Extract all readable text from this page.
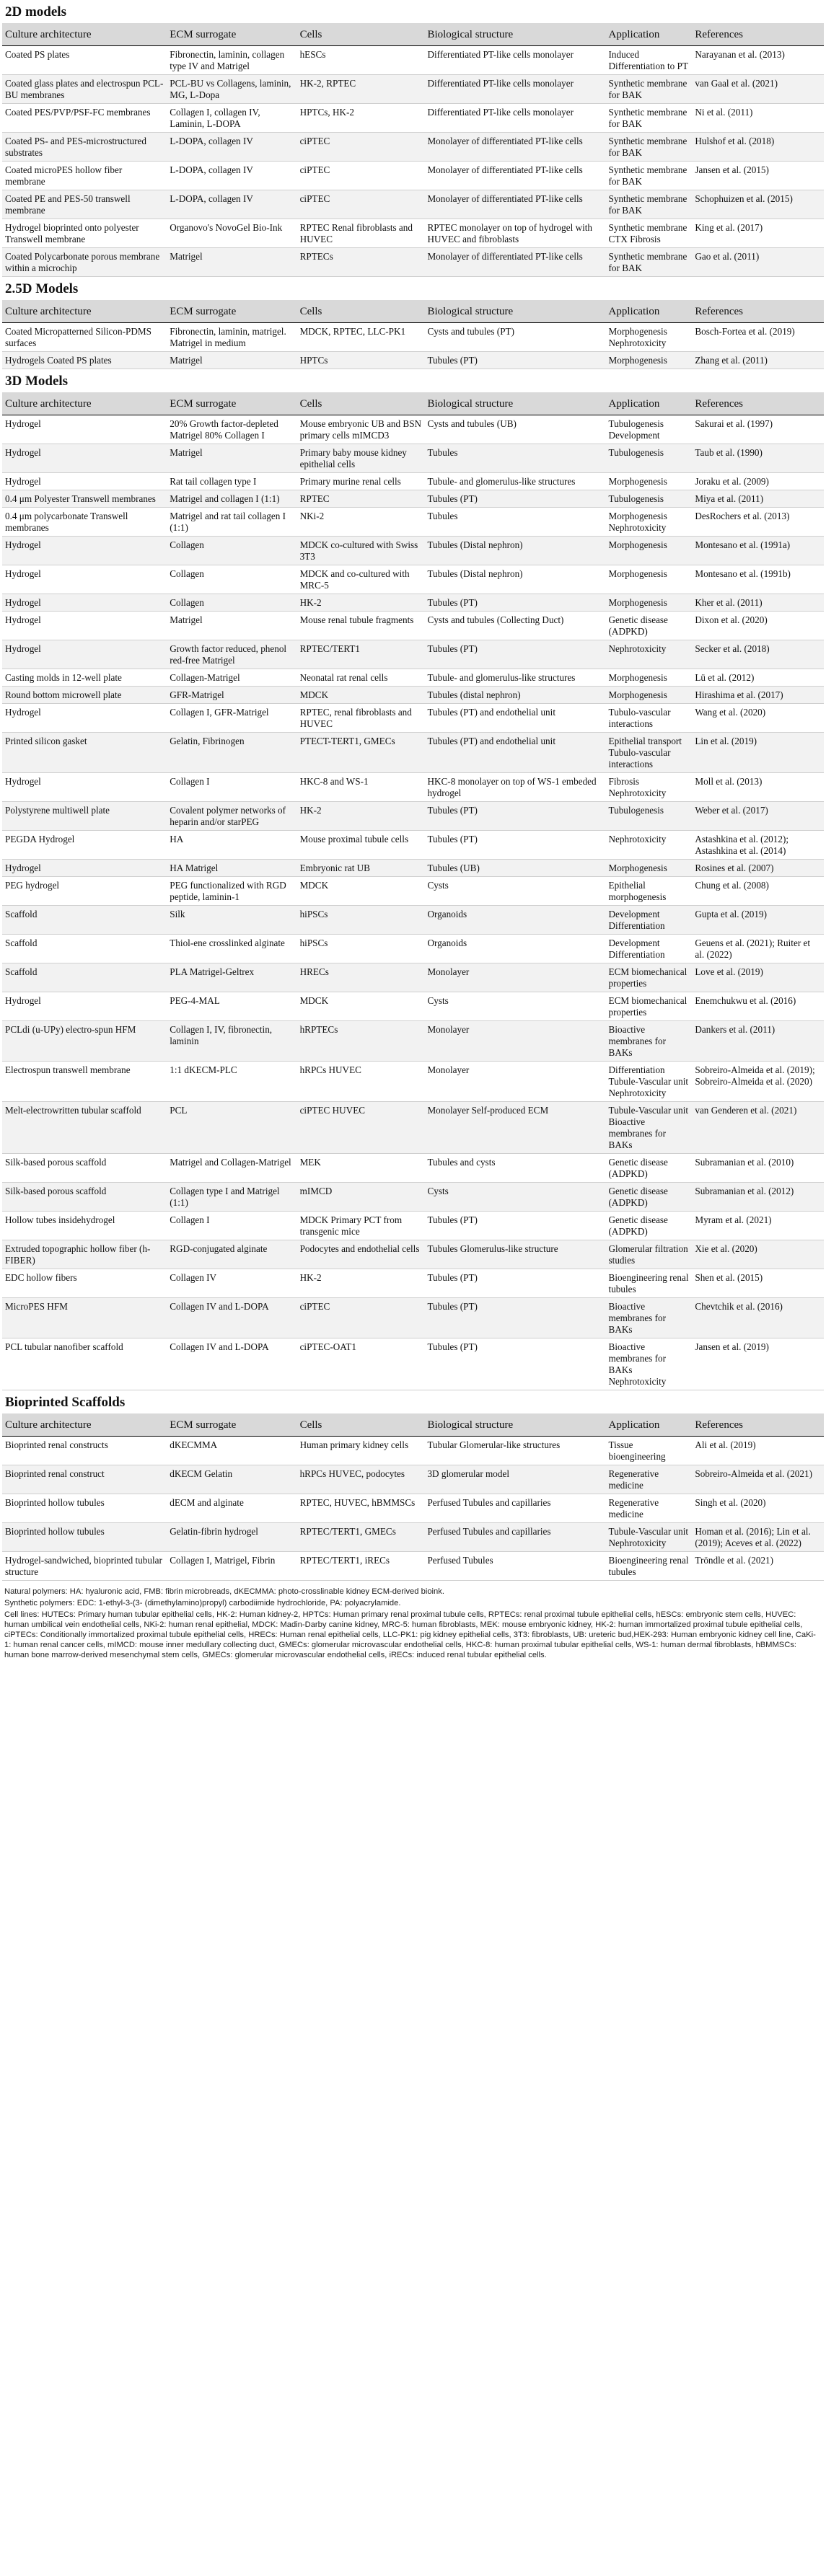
2D models
Culture architecture	ECM surrogate	Cells	Biological structure	Application	References
Coated PS plates	Fibronectin, laminin, collagen type IV and Matrigel	hESCs	Differentiated PT-like cells monolayer	Induced Differentiation to PT	Narayanan et al. (2013)
Coated glass plates and electrospun PCL-BU membranes	PCL-BU vs Collagens, laminin, MG, L-Dopa	HK-2, RPTEC	Differentiated PT-like cells monolayer	Synthetic membrane for BAK	van Gaal et al. (2021)
Coated PES/PVP/PSF-FC membranes	Collagen I, collagen IV, Laminin, L-DOPA	HPTCs, HK-2	Differentiated PT-like cells monolayer	Synthetic membrane for BAK	Ni et al. (2011)
Coated PS- and PES-microstructured substrates	L-DOPA, collagen IV	ciPTEC	Monolayer of differentiated PT-like cells	Synthetic membrane for BAK	Hulshof et al. (2018)
Coated microPES hollow fiber membrane	L-DOPA, collagen IV	ciPTEC	Monolayer of differentiated PT-like cells	Synthetic membrane for BAK	Jansen et al. (2015)
Coated PE and PES-50 transwell membrane	L-DOPA, collagen IV	ciPTEC	Monolayer of differentiated PT-like cells	Synthetic membrane for BAK	Schophuizen et al. (2015)
Hydrogel bioprinted onto polyester Transwell membrane	Organovo's NovoGel Bio-Ink	RPTEC Renal fibroblasts and HUVEC	RPTEC monolayer on top of hydrogel with HUVEC and fibroblasts	Synthetic membrane CTX Fibrosis	King et al. (2017)
Coated Polycarbonate porous membrane within a microchip	Matrigel	RPTECs	Monolayer of differentiated PT-like cells	Synthetic membrane for BAK	Gao et al. (2011)
2.5D Models
Culture architecture	ECM surrogate	Cells	Biological structure	Application	References
Coated Micropatterned Silicon-PDMS surfaces	Fibronectin, laminin, matrigel. Matrigel in medium	MDCK, RPTEC, LLC-PK1	Cysts and tubules (PT)	Morphogenesis Nephrotoxicity	Bosch-Fortea et al. (2019)
Hydrogels Coated PS plates	Matrigel	HPTCs	Tubules (PT)	Morphogenesis	Zhang et al. (2011)
3D Models
Culture architecture	ECM surrogate	Cells	Biological structure	Application	References
Hydrogel	20% Growth factor-depleted Matrigel 80% Collagen I	Mouse embryonic UB and BSN primary cells mIMCD3	Cysts and tubules (UB)	Tubulogenesis Development	Sakurai et al. (1997)
Hydrogel	Matrigel	Primary baby mouse kidney epithelial cells	Tubules	Tubulogenesis	Taub et al. (1990)
Hydrogel	Rat tail collagen type I	Primary murine renal cells	Tubule- and glomerulus-like structures	Morphogenesis	Joraku et al. (2009)
0.4 μm Polyester Transwell membranes	Matrigel and collagen I (1:1)	RPTEC	Tubules (PT)	Tubulogenesis	Miya et al. (2011)
0.4 μm polycarbonate Transwell membranes	Matrigel and rat tail collagen I (1:1)	NKi-2	Tubules	Morphogenesis Nephrotoxicity	DesRochers et al. (2013)
Hydrogel	Collagen	MDCK co-cultured with Swiss 3T3	Tubules (Distal nephron)	Morphogenesis	Montesano et al. (1991a)
Hydrogel	Collagen	MDCK and co-cultured with MRC-5	Tubules (Distal nephron)	Morphogenesis	Montesano et al. (1991b)
Hydrogel	Collagen	HK-2	Tubules (PT)	Morphogenesis	Kher et al. (2011)
Hydrogel	Matrigel	Mouse renal tubule fragments	Cysts and tubules (Collecting Duct)	Genetic disease (ADPKD)	Dixon et al. (2020)
Hydrogel	Growth factor reduced, phenol red-free Matrigel	RPTEC/TERT1	Tubules (PT)	Nephrotoxicity	Secker et al. (2018)
Casting molds in 12-well plate	Collagen-Matrigel	Neonatal rat renal cells	Tubule- and glomerulus-like structures	Morphogenesis	Lü et al. (2012)
Round bottom microwell plate	GFR-Matrigel	MDCK	Tubules (distal nephron)	Morphogenesis	Hirashima et al. (2017)
Hydrogel	Collagen I, GFR-Matrigel	RPTEC, renal fibroblasts and HUVEC	Tubules (PT) and endothelial unit	Tubulo-vascular interactions	Wang et al. (2020)
Printed silicon gasket	Gelatin, Fibrinogen	PTECT-TERT1, GMECs	Tubules (PT) and endothelial unit	Epithelial transport Tubulo-vascular interactions	Lin et al. (2019)
Hydrogel	Collagen I	HKC-8 and WS-1	HKC-8 monolayer on top of WS-1 embeded hydrogel	Fibrosis Nephrotoxicity	Moll et al. (2013)
Polystyrene multiwell plate	Covalent polymer networks of heparin and/or starPEG	HK-2	Tubules (PT)	Tubulogenesis	Weber et al. (2017)
PEGDA Hydrogel	HA	Mouse proximal tubule cells	Tubules (PT)	Nephrotoxicity	Astashkina et al. (2012); Astashkina et al. (2014)
Hydrogel	HA Matrigel	Embryonic rat UB	Tubules (UB)	Morphogenesis	Rosines et al. (2007)
PEG hydrogel	PEG functionalized with RGD peptide, laminin-1	MDCK	Cysts	Epithelial morphogenesis	Chung et al. (2008)
Scaffold	Silk	hiPSCs	Organoids	Development Differentiation	Gupta et al. (2019)
Scaffold	Thiol-ene crosslinked alginate	hiPSCs	Organoids	Development Differentiation	Geuens et al. (2021); Ruiter et al. (2022)
Scaffold	PLA Matrigel-Geltrex	HRECs	Monolayer	ECM biomechanical properties	Love et al. (2019)
Hydrogel	PEG-4-MAL	MDCK	Cysts	ECM biomechanical properties	Enemchukwu et al. (2016)
PCLdi (u-UPy) electro-spun HFM	Collagen I, IV, fibronectin, laminin	hRPTECs	Monolayer	Bioactive membranes for BAKs	Dankers et al. (2011)
Electrospun transwell membrane	1:1 dKECM-PLC	hRPCs HUVEC	Monolayer	Differentiation Tubule-Vascular unit Nephrotoxicity	Sobreiro-Almeida et al. (2019); Sobreiro-Almeida et al. (2020)
Melt-electrowritten tubular scaffold	PCL	ciPTEC HUVEC	Monolayer Self-produced ECM	Tubule-Vascular unit Bioactive membranes for BAKs	van Genderen et al. (2021)
Silk-based porous scaffold	Matrigel and Collagen-Matrigel	MEK	Tubules and cysts	Genetic disease (ADPKD)	Subramanian et al. (2010)
Silk-based porous scaffold	Collagen type I and Matrigel (1:1)	mIMCD	Cysts	Genetic disease (ADPKD)	Subramanian et al. (2012)
Hollow tubes insidehydrogel	Collagen I	MDCK Primary PCT from transgenic mice	Tubules (PT)	Genetic disease (ADPKD)	Myram et al. (2021)
Extruded topographic hollow fiber (h- FIBER)	RGD-conjugated alginate	Podocytes and endothelial cells	Tubules Glomerulus-like structure	Glomerular filtration studies	Xie et al. (2020)
EDC hollow fibers	Collagen IV	HK-2	Tubules (PT)	Bioengineering renal tubules	Shen et al. (2015)
MicroPES HFM	Collagen IV and L-DOPA	ciPTEC	Tubules (PT)	Bioactive membranes for BAKs	Chevtchik et al. (2016)
PCL tubular nanofiber scaffold	Collagen IV and L-DOPA	ciPTEC-OAT1	Tubules (PT)	Bioactive membranes for BAKs Nephrotoxicity	Jansen et al. (2019)
Bioprinted Scaffolds
Culture architecture	ECM surrogate	Cells	Biological structure	Application	References
Bioprinted renal constructs	dKECMMA	Human primary kidney cells	Tubular Glomerular-like structures	Tissue bioengineering	Ali et al. (2019)
Bioprinted renal construct	dKECM Gelatin	hRPCs HUVEC, podocytes	3D glomerular model	Regenerative medicine	Sobreiro-Almeida et al. (2021)
Bioprinted hollow tubules	dECM and alginate	RPTEC, HUVEC, hBMMSCs	Perfused Tubules and capillaries	Regenerative medicine	Singh et al. (2020)
Bioprinted hollow tubules	Gelatin-fibrin hydrogel	RPTEC/TERT1, GMECs	Perfused Tubules and capillaries	Tubule-Vascular unit Nephrotoxicity	Homan et al. (2016); Lin et al. (2019); Aceves et al. (2022)
Hydrogel-sandwiched, bioprinted tubular structure	Collagen I, Matrigel, Fibrin	RPTEC/TERT1, iRECs	Perfused Tubules	Bioengineering renal tubules	Tröndle et al. (2021)

Natural polymers: HA: hyaluronic acid, FMB: fibrin microbreads, dKECMMA: photo-crosslinable kidney ECM-derived bioink.

Synthetic polymers: EDC: 1-ethyl-3-(3- (dimethylamino)propyl) carbodiimide hydrochloride, PA: polyacrylamide.

Cell lines: HUTECs: Primary human tubular epithelial cells, HK-2: Human kidney-2, HPTCs: Human primary renal proximal tubule cells, RPTECs: renal proximal tubule epithelial cells, hESCs: embryonic stem cells, HUVEC: human umbilical vein endothelial cells, NKi-2: human renal epithelial, MDCK: Madin-Darby canine kidney, MRC-5: human fibroblasts, MEK: mouse embryonic kidney, HK-2: human immortalized proximal tubule epithelial cells, ciPTECs: Conditionally immortalized proximal tubule epithelial cells, HRECs: Human renal epithelial cells, LLC-PK1: pig kidney epithelial cells, 3T3: fibroblasts, UB: ureteric bud,HEK-293: Human embryonic kidney cell line, CaKi-1: human renal cancer cells, mIMCD: mouse inner medullary collecting duct, GMECs: glomerular microvascular endothelial cells, HKC-8: human proximal tubular epithelial cells, WS-1: human dermal fibroblasts, hBMMSCs: human bone marrow-derived mesenchymal stem cells, GMECs: glomerular microvascular endothelial cells, iRECs: induced renal tubular epithelial cells.
